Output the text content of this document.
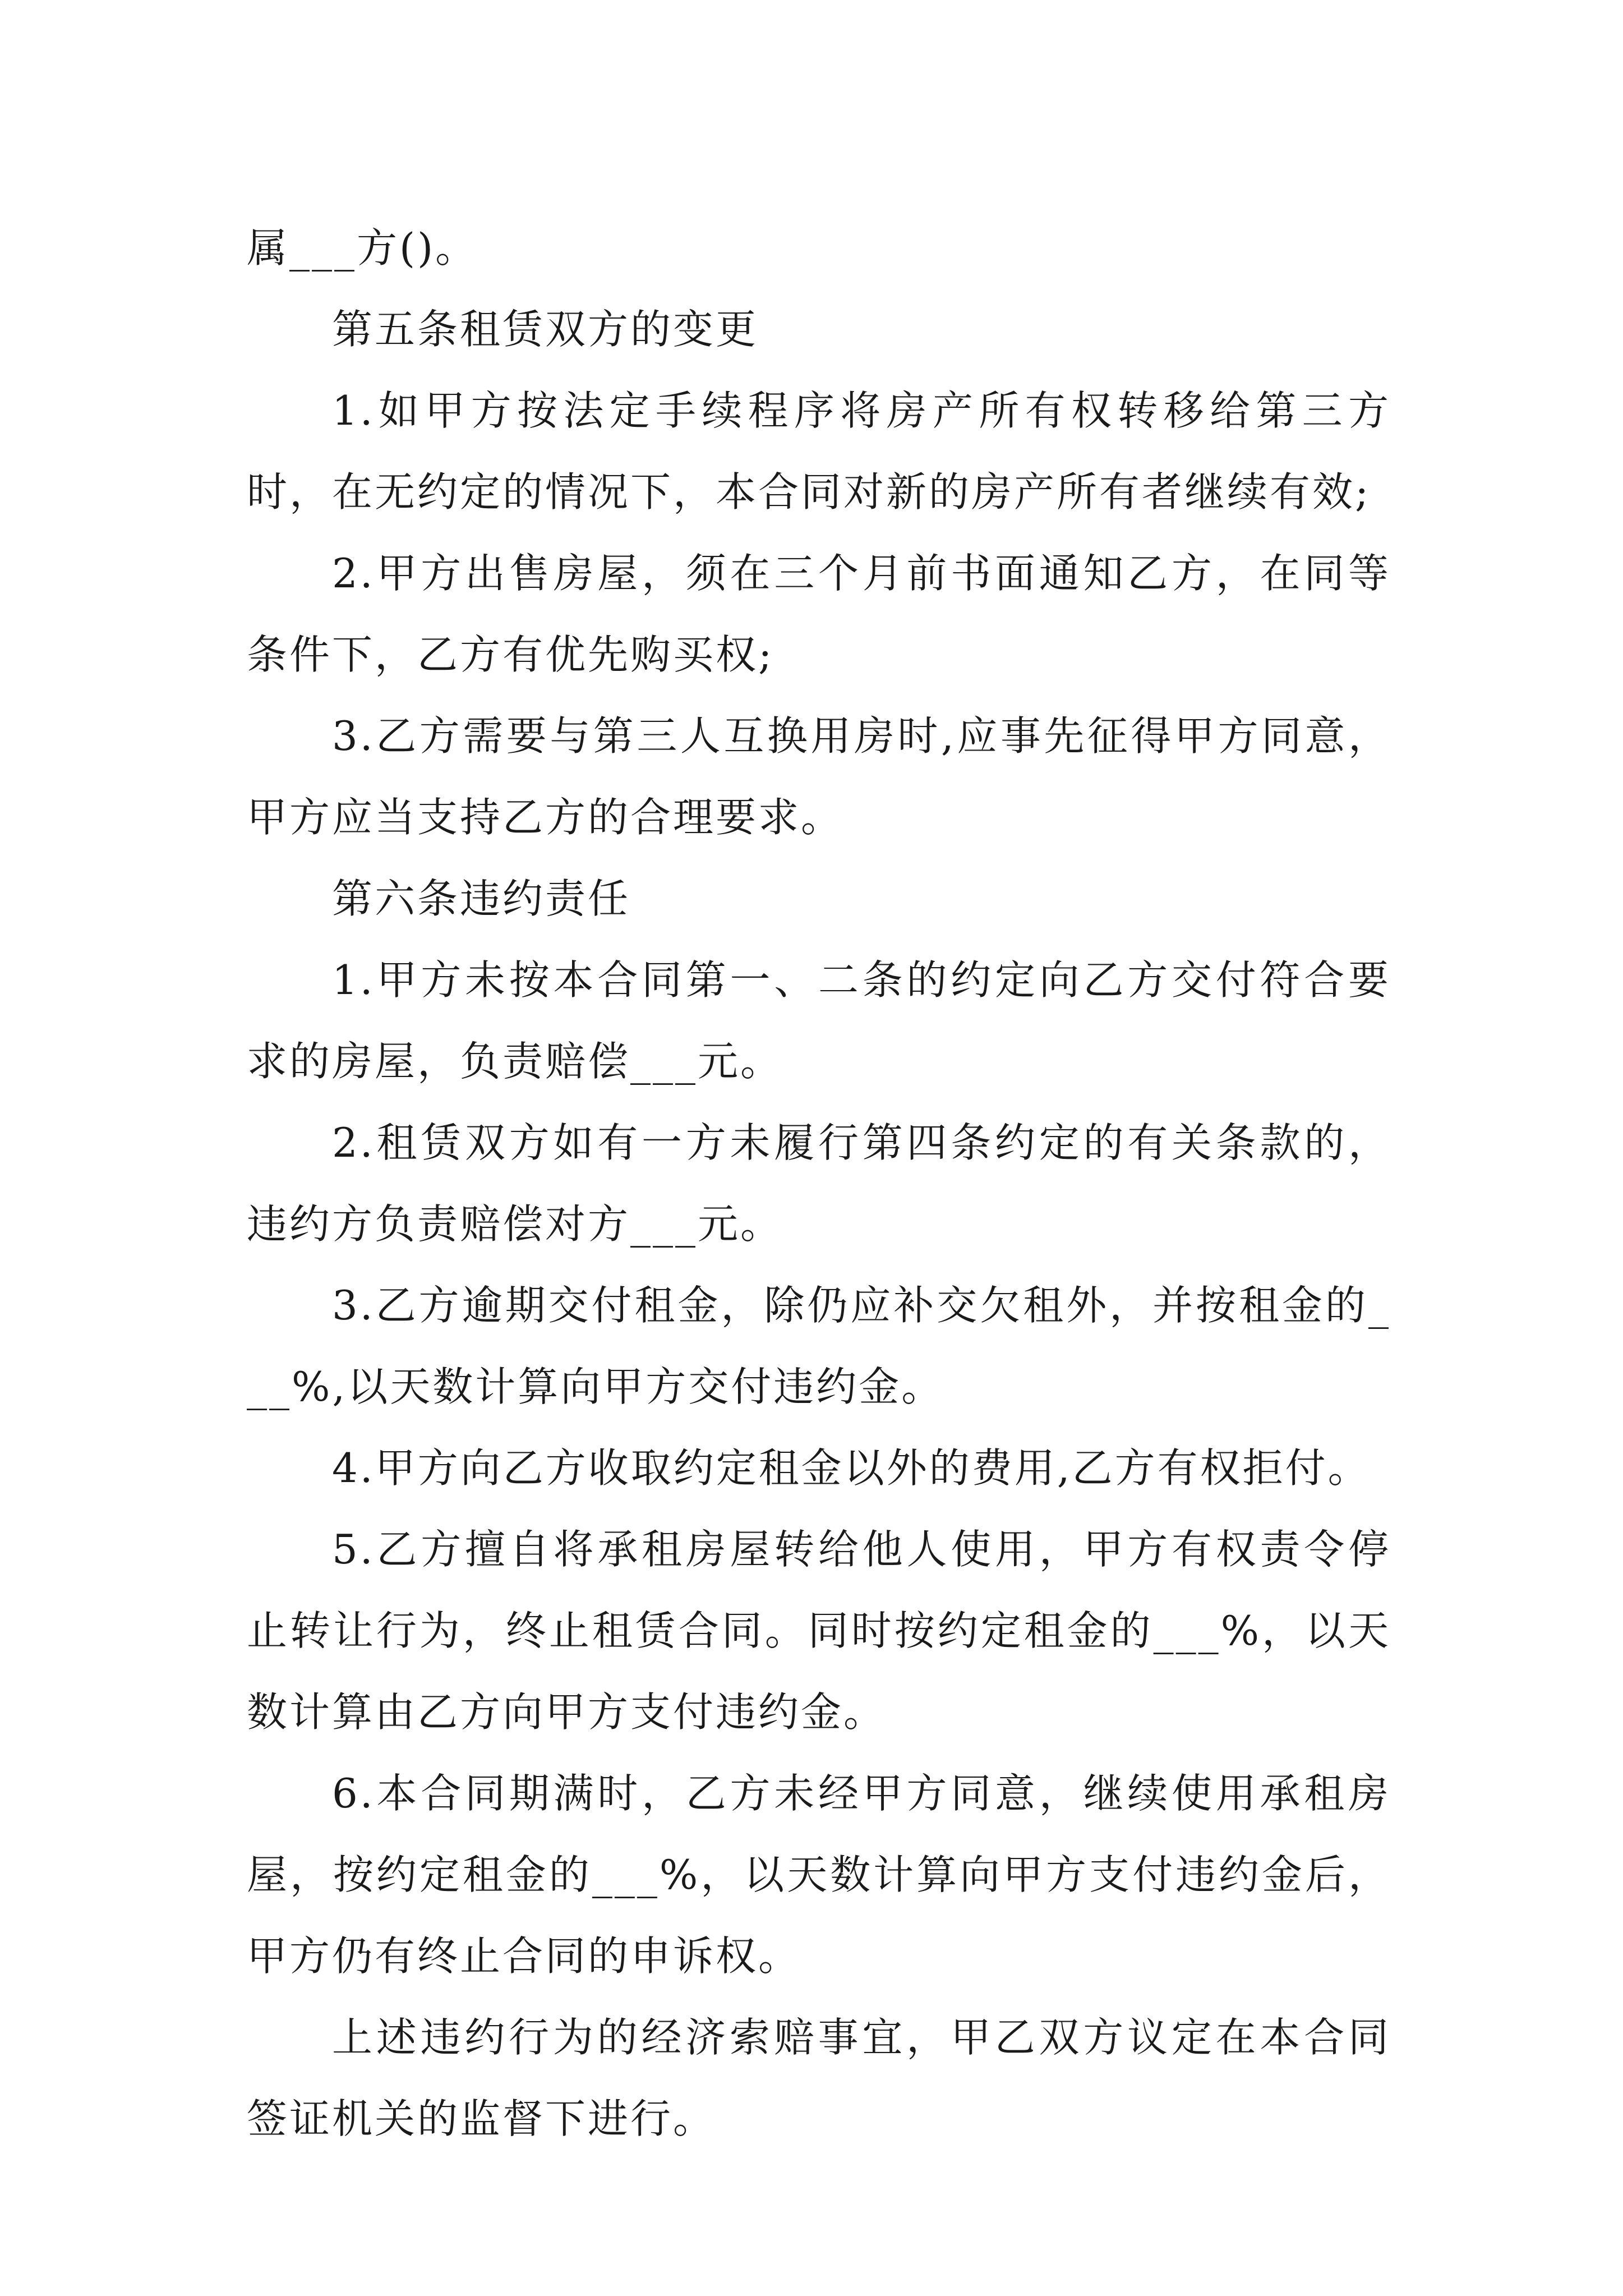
属___方()。

第五条租赁双方的变更

1.如甲方按法定手续程序将房产所有权转移给第三方时，在无约定的情况下，本合同对新的房产所有者继续有效;

2.甲方出售房屋，须在三个月前书面通知乙方，在同等条件下，乙方有优先购买权;

3.乙方需要与第三人互换用房时,应事先征得甲方同意，甲方应当支持乙方的合理要求。

第六条违约责任

1.甲方未按本合同第一、二条的约定向乙方交付符合要求的房屋，负责赔偿___元。

2.租赁双方如有一方未履行第四条约定的有关条款的，违约方负责赔偿对方___元。

3.乙方逾期交付租金，除仍应补交欠租外，并按租金的___%,以天数计算向甲方交付违约金。

4.甲方向乙方收取约定租金以外的费用,乙方有权拒付。

5.乙方擅自将承租房屋转给他人使用，甲方有权责令停止转让行为，终止租赁合同。同时按约定租金的___%，以天数计算由乙方向甲方支付违约金。

6.本合同期满时，乙方未经甲方同意，继续使用承租房屋，按约定租金的___%，以天数计算向甲方支付违约金后，甲方仍有终止合同的申诉权。

上述违约行为的经济索赔事宜，甲乙双方议定在本合同签证机关的监督下进行。
